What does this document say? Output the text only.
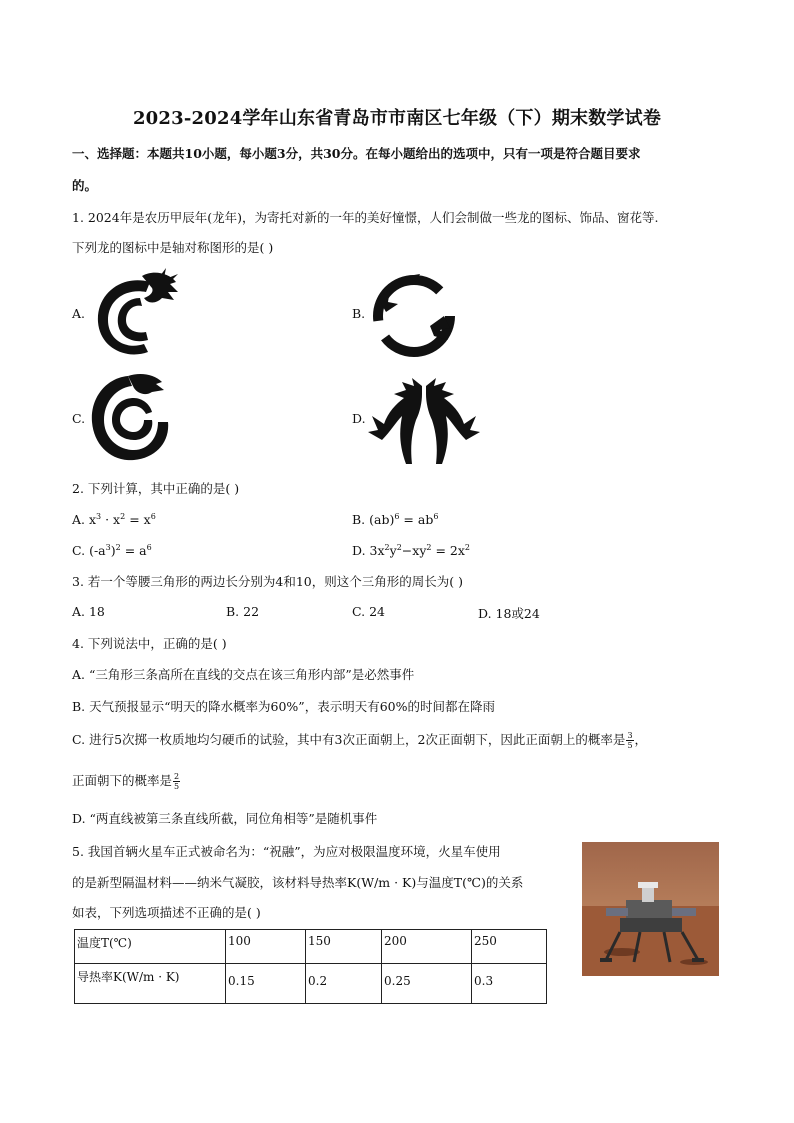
2023-2024学年山东省青岛市市南区七年级（下）期末数学试卷
一、选择题：本题共10小题，每小题3分，共30分。在每小题给出的选项中，只有一项是符合题目要求
的。
1. 2024年是农历甲辰年(龙年)，为寄托对新的一年的美好憧憬，人们会制做一些龙的图标、饰品、窗花等.
下列龙的图标中是轴对称图形的是( )
A.	B.
C.	D.
2. 下列计算，其中正确的是( )
A. $x^3 \cdot x^2 = x^6$	B. $(ab)^6 = ab^6$
C. $(-a^3)^2 = a^6$	D. $3x^2y^2-xy^2 = 2x^2$
3. 若一个等腰三角形的两边长分别为4和10，则这个三角形的周长为( )
A. 18	B. 22	C. 24	D. 18或24
4. 下列说法中，正确的是( )
A. “三角形三条高所在直线的交点在该三角形内部”是必然事件
B. 天气预报显示“明天的降水概率为60%”，表示明天有60%的时间都在降雨
C. 进行5次掷一枚质地均匀硬币的试验，其中有3次正面朝上，2次正面朝下，因此正面朝上的概率是 $\frac{3}{5}$ ，
正面朝下的概率是 $\frac{2}{5}$
D. “两直线被第三条直线所截，同位角相等”是随机事件
5. 我国首辆火星车正式被命名为：“祝融”，为应对极限温度环境，火星车使用
的是新型隔温材料——纳米气凝胶，该材料导热率K(W/m · K)与温度T(℃)的关系
如表，下列选项描述不正确的是( )
温度T(℃)	100	150	200	250
导热率K(W/m · K)	0.15	0.2	0.25	0.3
